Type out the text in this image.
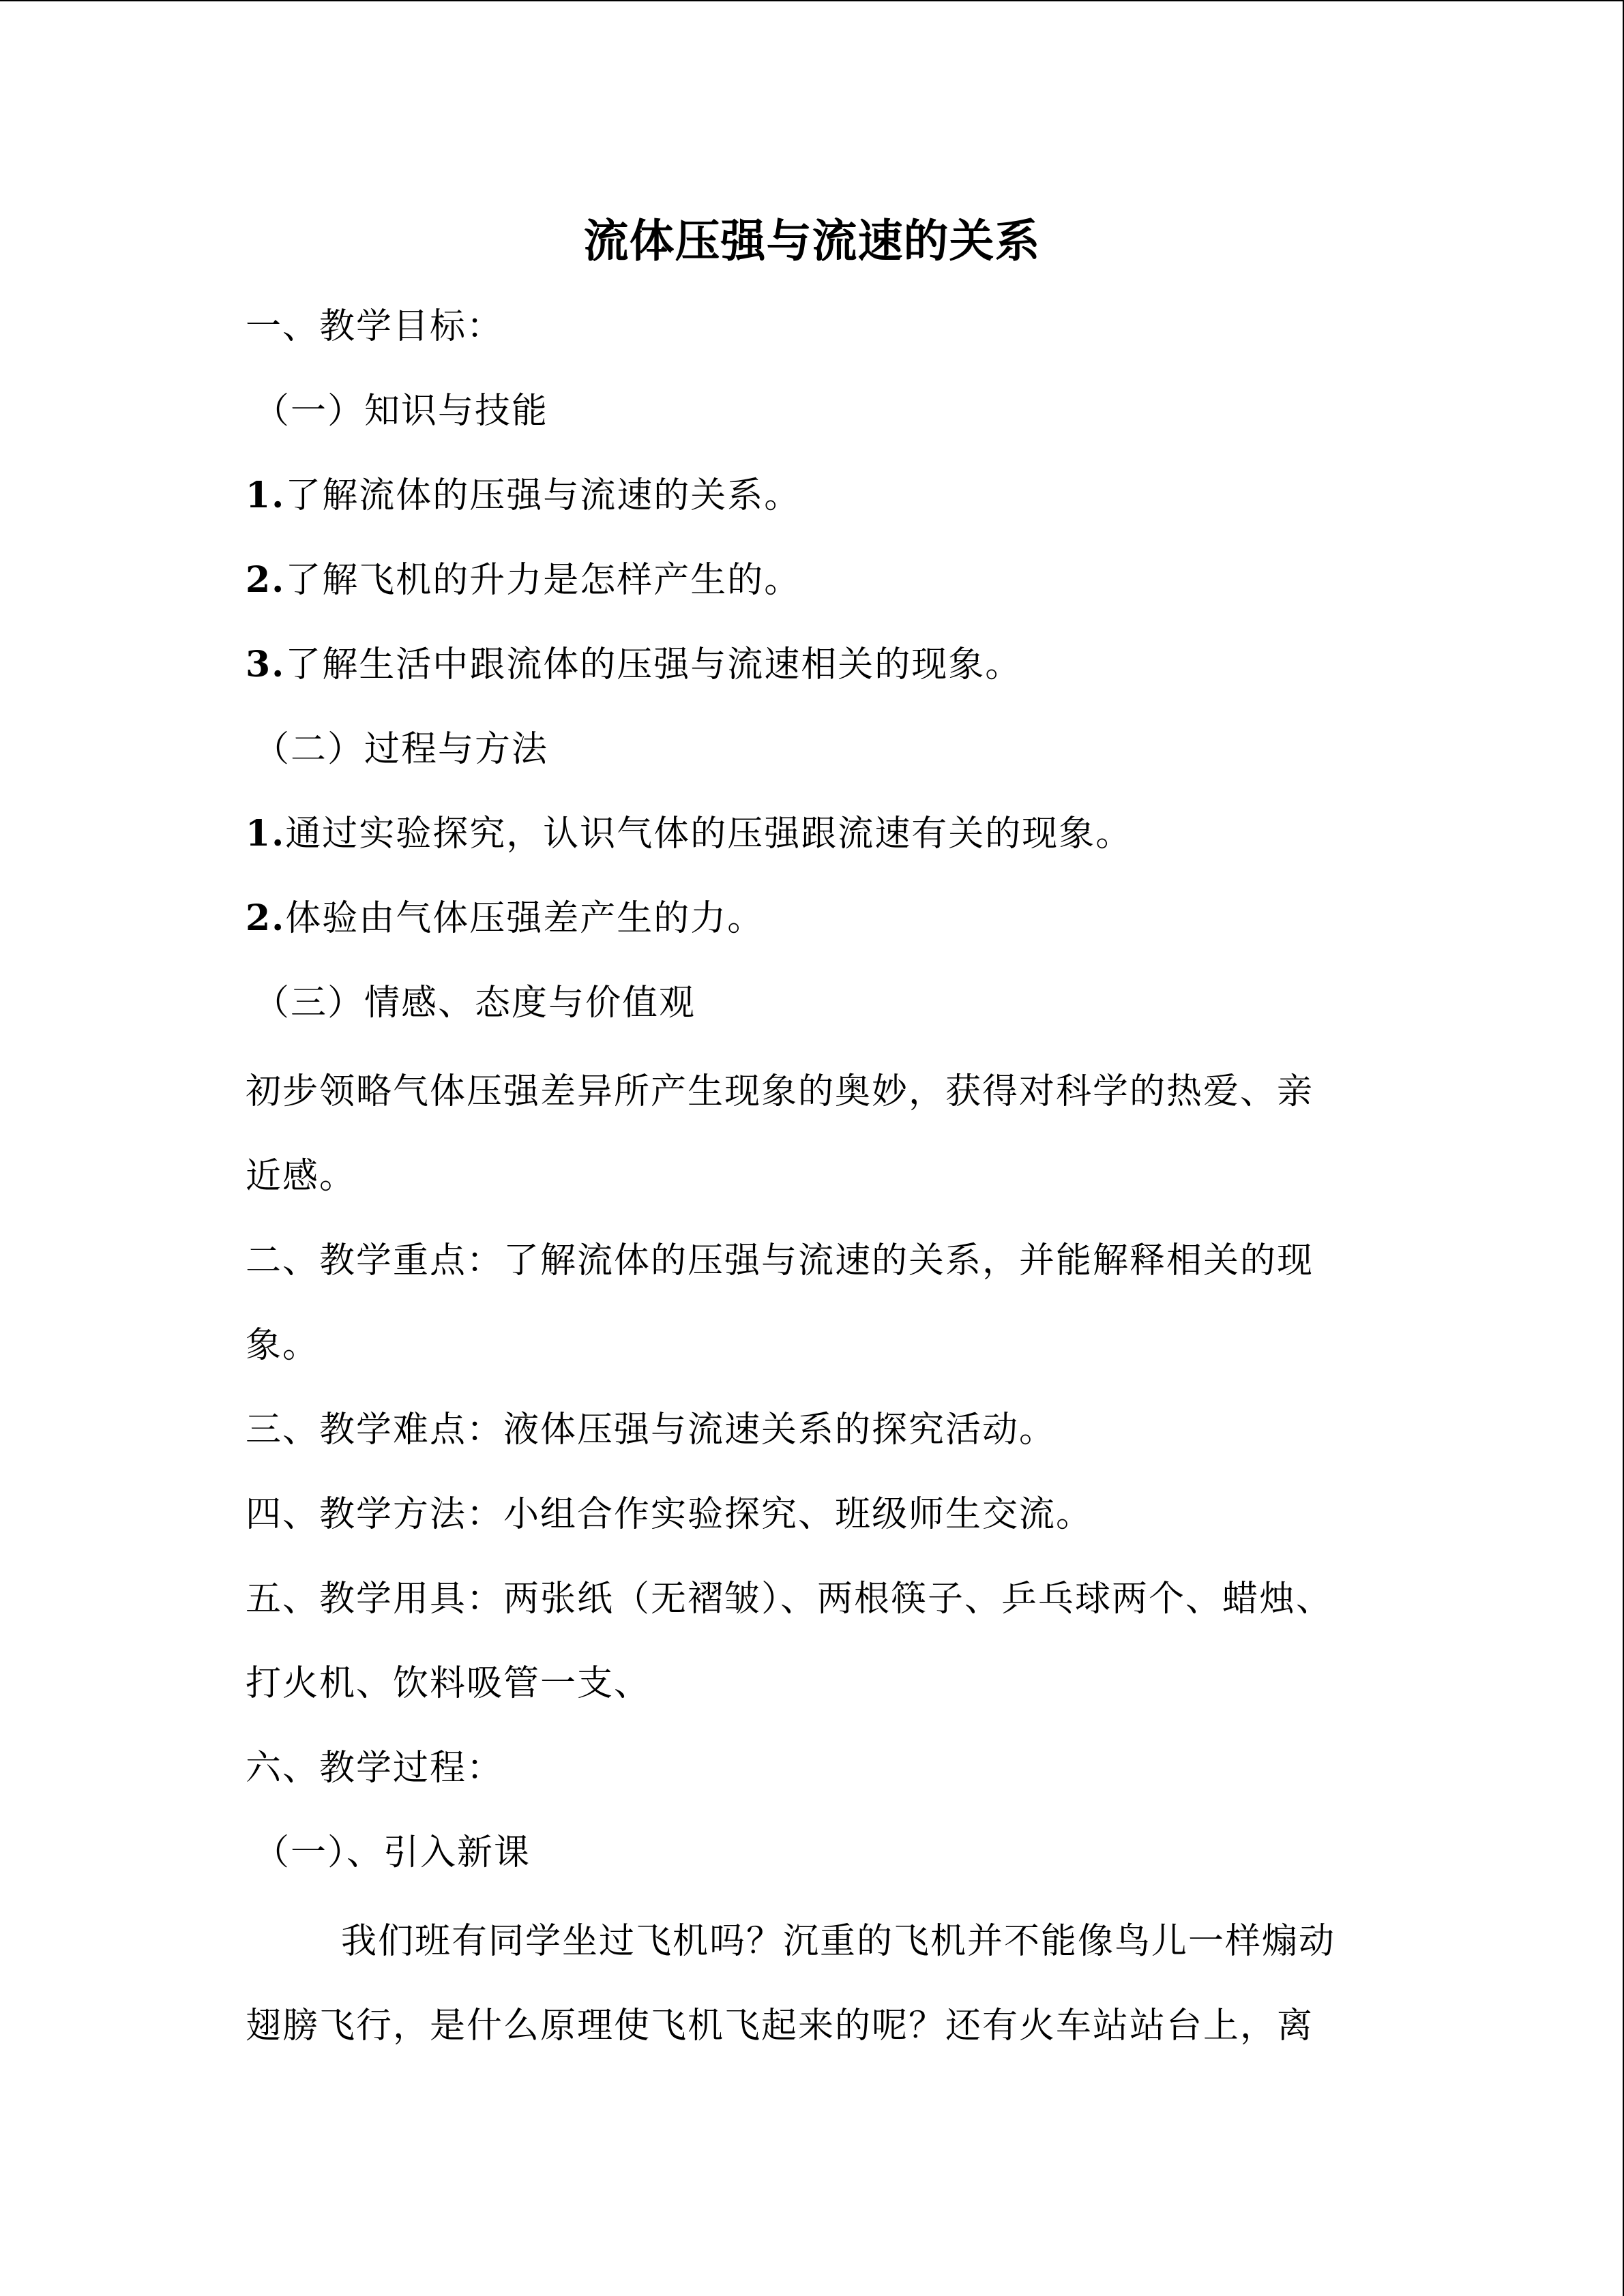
流体压强与流速的关系
一、教学目标：
（一）知识与技能
1.了解流体的压强与流速的关系。
2.了解飞机的升力是怎样产生的。
3.了解生活中跟流体的压强与流速相关的现象。
（二）过程与方法
1.通过实验探究，认识气体的压强跟流速有关的现象。
2.体验由气体压强差产生的力。
（三）情感、态度与价值观
初步领略气体压强差异所产生现象的奥妙，获得对科学的热爱、亲
近感。
二、教学重点：了解流体的压强与流速的关系，并能解释相关的现
象。
三、教学难点：液体压强与流速关系的探究活动。
四、教学方法：小组合作实验探究、班级师生交流。
五、教学用具：两张纸（无褶皱）、两根筷子、乒乓球两个、蜡烛、
打火机、饮料吸管一支、
六、教学过程：
（一）、引入新课
我们班有同学坐过飞机吗？沉重的飞机并不能像鸟儿一样煽动
翅膀飞行，是什么原理使飞机飞起来的呢？还有火车站站台上，离
